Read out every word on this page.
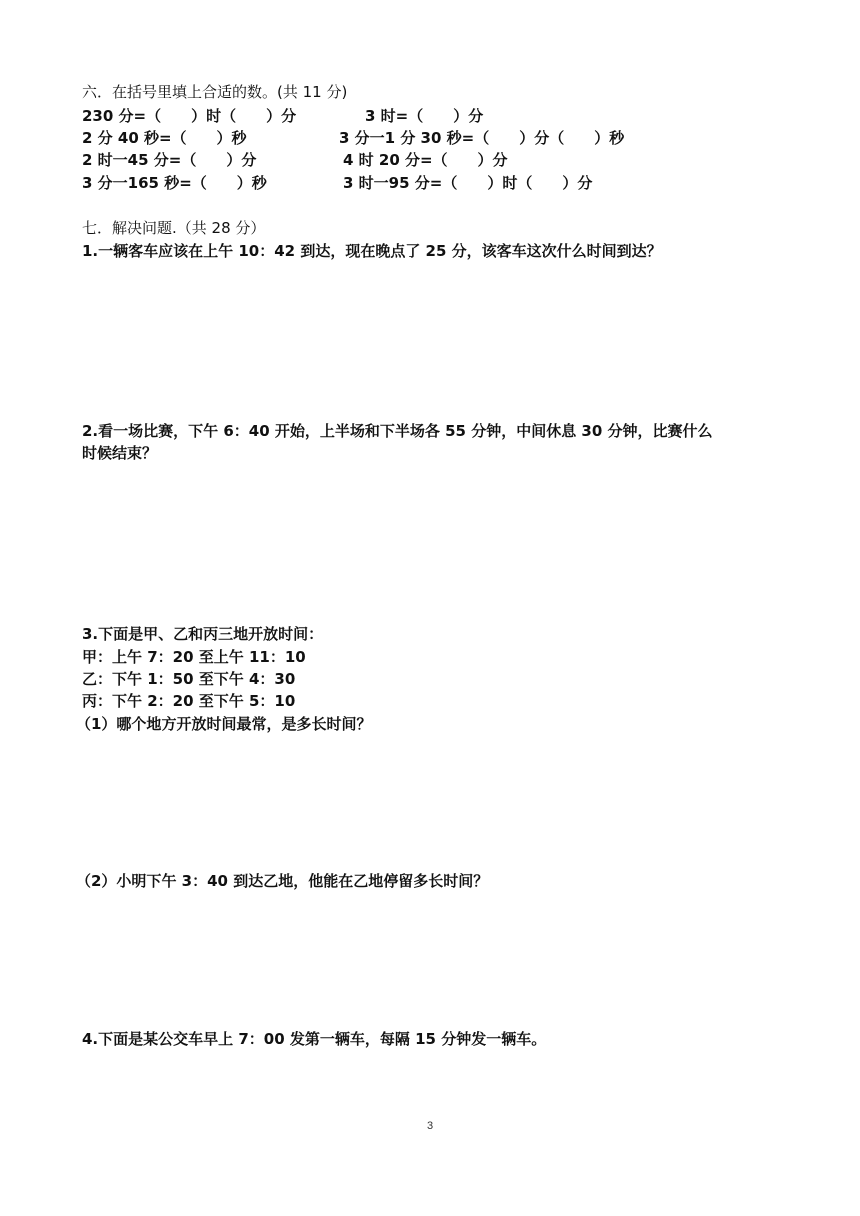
六．在括号里填上合适的数。(共 11 分)
230 分=（　　）时（　　）分	3 时=（　　）分
2 分 40 秒=（　　）秒	3 分一1 分 30 秒=（　　）分（　　）秒
2 时一45 分=（　　）分	4 时 20 分=（　　）分
3 分一165 秒=（　　）秒	3 时一95 分=（　　）时（　　）分
七．解决问题.（共 28 分）
1.一辆客车应该在上午 10：42 到达，现在晚点了 25 分，该客车这次什么时间到达？
2.看一场比赛，下午 6：40 开始，上半场和下半场各 55 分钟，中间休息 30 分钟，比赛什么
时候结束？
3.下面是甲、乙和丙三地开放时间：
甲：上午 7：20 至上午 11：10
乙：下午 1：50 至下午 4：30
丙：下午 2：20 至下午 5：10
（1）哪个地方开放时间最常，是多长时间？
（2）小明下午 3：40 到达乙地，他能在乙地停留多长时间？
4.下面是某公交车早上 7：00 发第一辆车，每隔 15 分钟发一辆车。
3
